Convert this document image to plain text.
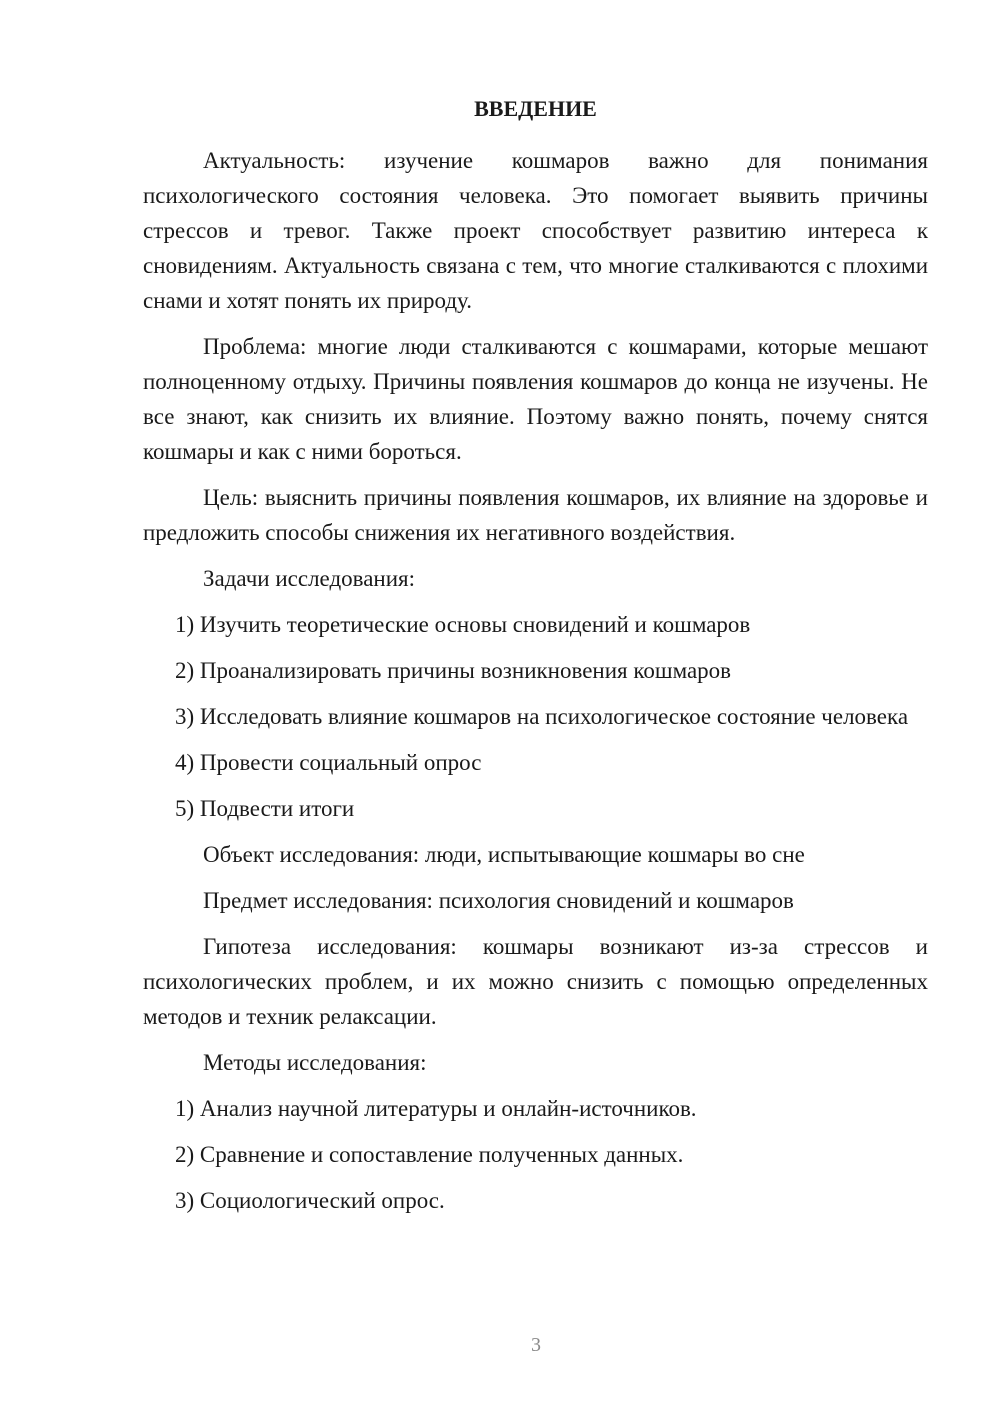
ВВЕДЕНИЕ

Актуальность: изучение кошмаров важно для понимания психологического состояния человека. Это помогает выявить причины стрессов и тревог. Также проект способствует развитию интереса к сновидениям. Актуальность связана с тем, что многие сталкиваются с плохими снами и хотят понять их природу.

Проблема: многие люди сталкиваются с кошмарами, которые мешают полноценному отдыху. Причины появления кошмаров до конца не изучены. Не все знают, как снизить их влияние. Поэтому важно понять, почему снятся кошмары и как с ними бороться.

Цель: выяснить причины появления кошмаров, их влияние на здоровье и предложить способы снижения их негативного воздействия.

Задачи исследования:

1) Изучить теоретические основы сновидений и кошмаров

2) Проанализировать причины возникновения кошмаров

3) Исследовать влияние кошмаров на психологическое состояние человека

4) Провести социальный опрос

5) Подвести итоги

Объект исследования: люди, испытывающие кошмары во сне

Предмет исследования: психология сновидений и кошмаров

Гипотеза исследования: кошмары возникают из-за стрессов и психологических проблем, и их можно снизить с помощью определенных методов и техник релаксации.

Методы исследования:

1) Анализ научной литературы и онлайн-источников.

2) Сравнение и сопоставление полученных данных.

3) Социологический опрос.

3
